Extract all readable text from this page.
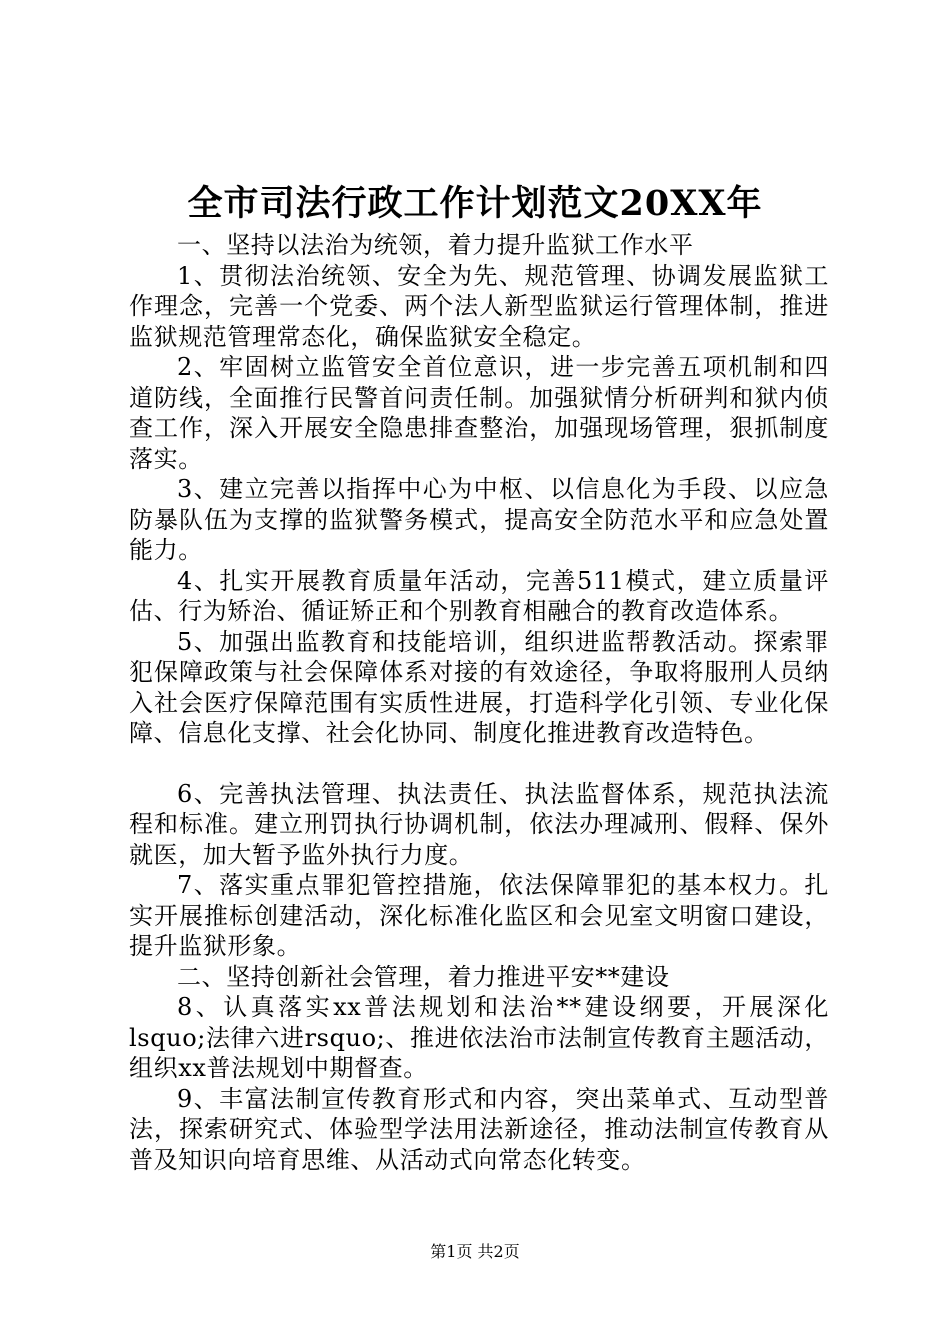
全市司法行政工作计划范文20XX年

一、坚持以法治为统领，着力提升监狱工作水平

1、贯彻法治统领、安全为先、规范管理、协调发展监狱工作理念，完善一个党委、两个法人新型监狱运行管理体制，推进监狱规范管理常态化，确保监狱安全稳定。

2、牢固树立监管安全首位意识，进一步完善五项机制和四道防线，全面推行民警首问责任制。加强狱情分析研判和狱内侦查工作，深入开展安全隐患排查整治，加强现场管理，狠抓制度落实。

3、建立完善以指挥中心为中枢、以信息化为手段、以应急防暴队伍为支撑的监狱警务模式，提高安全防范水平和应急处置能力。

4、扎实开展教育质量年活动，完善511模式，建立质量评估、行为矫治、循证矫正和个别教育相融合的教育改造体系。

5、加强出监教育和技能培训，组织进监帮教活动。探索罪犯保障政策与社会保障体系对接的有效途径，争取将服刑人员纳入社会医疗保障范围有实质性进展，打造科学化引领、专业化保障、信息化支撑、社会化协同、制度化推进教育改造特色。

6、完善执法管理、执法责任、执法监督体系，规范执法流程和标准。建立刑罚执行协调机制，依法办理减刑、假释、保外就医，加大暂予监外执行力度。

7、落实重点罪犯管控措施，依法保障罪犯的基本权力。扎实开展推标创建活动，深化标准化监区和会见室文明窗口建设，提升监狱形象。

二、坚持创新社会管理，着力推进平安**建设

8、认真落实xx普法规划和法治**建设纲要，开展深化lsquo;法律六进rsquo;、推进依法治市法制宣传教育主题活动，组织xx普法规划中期督查。

9、丰富法制宣传教育形式和内容，突出菜单式、互动型普法，探索研究式、体验型学法用法新途径，推动法制宣传教育从普及知识向培育思维、从活动式向常态化转变。

第1页 共2页
